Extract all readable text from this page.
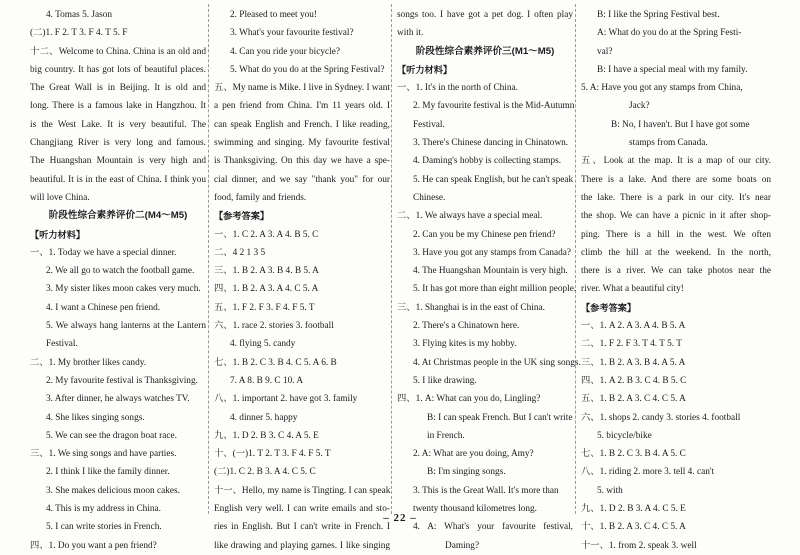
4. Tomas 5. Jason
(二)1. F 2. T 3. F 4. T 5. F
十二、Welcome to China. China is an old and
big country. It has got lots of beautiful places.
The Great Wall is in Beijing. It is old and
long. There is a famous lake in Hangzhou. It
is the West Lake. It is very beautiful. The
Changjiang River is very long and famous.
The Huangshan Mountain is very high and
beautiful. It is in the east of China. I think you
will love China.
阶段性综合素养评价二(M4～M5)
【听力材料】
一、1. Today we have a special dinner.
2. We all go to watch the football game.
3. My sister likes moon cakes very much.
4. I want a Chinese pen friend.
5. We always hang lanterns at the Lantern
Festival.
二、1. My brother likes candy.
2. My favourite festival is Thanksgiving.
3. After dinner, he always watches TV.
4. She likes singing songs.
5. We can see the dragon boat race.
三、1. We sing songs and have parties.
2. I think I like the family dinner.
3. She makes delicious moon cakes.
4. This is my address in China.
5. I can write stories in French.
四、1. Do you want a pen friend?
2. Pleased to meet you!
3. What's your favourite festival?
4. Can you ride your bicycle?
5. What do you do at the Spring Festival?
五、My name is Mike. I live in Sydney. I want
a pen friend from China. I'm 11 years old. I
can speak English and French. I like reading,
swimming and singing. My favourite festival
is Thanksgiving. On this day we have a spe-
cial dinner, and we say "thank you" for our
food, family and friends.
【参考答案】
一、1. C 2. A 3. A 4. B 5. C
二、4 2 1 3 5
三、1. B 2. A 3. B 4. B 5. A
四、1. B 2. A 3. A 4. C 5. A
五、1. F 2. F 3. F 4. F 5. T
六、1. race 2. stories 3. football
4. flying 5. candy
七、1. B 2. C 3. B 4. C 5. A 6. B
7. A 8. B 9. C 10. A
八、1. important 2. have got 3. family
4. dinner 5. happy
九、1. D 2. B 3. C 4. A 5. E
十、(一)1. T 2. T 3. F 4. F 5. T
(二)1. C 2. B 3. A 4. C 5. C
十一、Hello, my name is Tingting. I can speak
English very well. I can write emails and sto-
ries in English. But I can't write in French. I
like drawing and playing games. I like singing
songs too. I have got a pet dog. I often play
with it.
阶段性综合素养评价三(M1～M5)
【听力材料】
一、1. It's in the north of China.
2. My favourite festival is the Mid-Autumn
Festival.
3. There's Chinese dancing in Chinatown.
4. Daming's hobby is collecting stamps.
5. He can speak English, but he can't speak
Chinese.
二、1. We always have a special meal.
2. Can you be my Chinese pen friend?
3. Have you got any stamps from Canada?
4. The Huangshan Mountain is very high.
5. It has got more than eight million people.
三、1. Shanghai is in the east of China.
2. There's a Chinatown here.
3. Flying kites is my hobby.
4. At Christmas people in the UK sing songs.
5. I like drawing.
四、1. A: What can you do, Lingling?
B: I can speak French. But I can't write
in French.
2. A: What are you doing, Amy?
B: I'm singing songs.
3. This is the Great Wall. It's more than
twenty thousand kilometres long.
4. A: What's your favourite festival,
Daming?
B: I like the Spring Festival best.
A: What do you do at the Spring Festi-
val?
B: I have a special meal with my family.
5. A: Have you got any stamps from China,
Jack?
B: No, I haven't. But I have got some
stamps from Canada.
五、Look at the map. It is a map of our city.
There is a lake. And there are some boats on
the lake. There is a park in our city. It's near
the shop. We can have a picnic in it after shop-
ping. There is a hill in the west. We often
climb the hill at the weekend. In the north,
there is a river. We can take photos near the
river. What a beautiful city!
【参考答案】
一、1. A 2. A 3. A 4. B 5. A
二、1. F 2. F 3. T 4. T 5. T
三、1. B 2. A 3. B 4. A 5. A
四、1. A 2. B 3. C 4. B 5. C
五、1. B 2. A 3. C 4. C 5. A
六、1. shops 2. candy 3. stories 4. football
5. bicycle/bike
七、1. B 2. C 3. B 4. A 5. C
八、1. riding 2. more 3. tell 4. can't
5. with
九、1. D 2. B 3. A 4. C 5. E
十、1. B 2. A 3. C 4. C 5. A
十一、1. from 2. speak 3. well
– 22 –
